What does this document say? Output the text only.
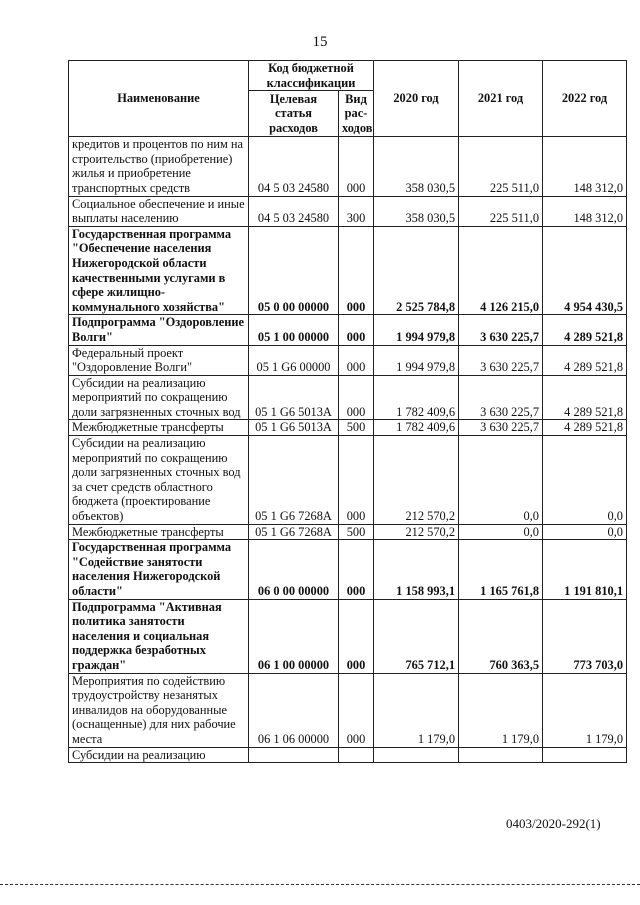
15
Наименование	Код бюджетной классификации		2020 год	2021 год	2022 год
	Целевая статья расходов	Вид рас-ходов			
кредитов и процентов по ним на строительство (приобретение) жилья и приобретение транспортных средств	04 5 03 24580	000	358 030,5	225 511,0	148 312,0
Социальное обеспечение и иные выплаты населению	04 5 03 24580	300	358 030,5	225 511,0	148 312,0
Государственная программа "Обеспечение населения Нижегородской области качественными услугами в сфере жилищно-коммунального хозяйства"	05 0 00 00000	000	2 525 784,8	4 126 215,0	4 954 430,5
Подпрограмма "Оздоровление Волги"	05 1 00 00000	000	1 994 979,8	3 630 225,7	4 289 521,8
Федеральный проект "Оздоровление Волги"	05 1 G6 00000	000	1 994 979,8	3 630 225,7	4 289 521,8
Субсидии на реализацию мероприятий по сокращению доли загрязненных сточных вод	05 1 G6 5013A	000	1 782 409,6	3 630 225,7	4 289 521,8
Межбюджетные трансферты	05 1 G6 5013A	500	1 782 409,6	3 630 225,7	4 289 521,8
Субсидии на реализацию мероприятий по сокращению доли загрязненных сточных вод за счет средств областного бюджета (проектирование объектов)	05 1 G6 7268A	000	212 570,2	0,0	0,0
Межбюджетные трансферты	05 1 G6 7268A	500	212 570,2	0,0	0,0
Государственная программа "Содействие занятости населения Нижегородской области"	06 0 00 00000	000	1 158 993,1	1 165 761,8	1 191 810,1
Подпрограмма "Активная политика занятости населения и социальная поддержка безработных граждан"	06 1 00 00000	000	765 712,1	760 363,5	773 703,0
Мероприятия по содействию трудоустройству незанятых инвалидов на оборудованные (оснащенные) для них рабочие места	06 1 06 00000	000	1 179,0	1 179,0	1 179,0
Субсидии на реализацию					
0403/2020-292(1)
